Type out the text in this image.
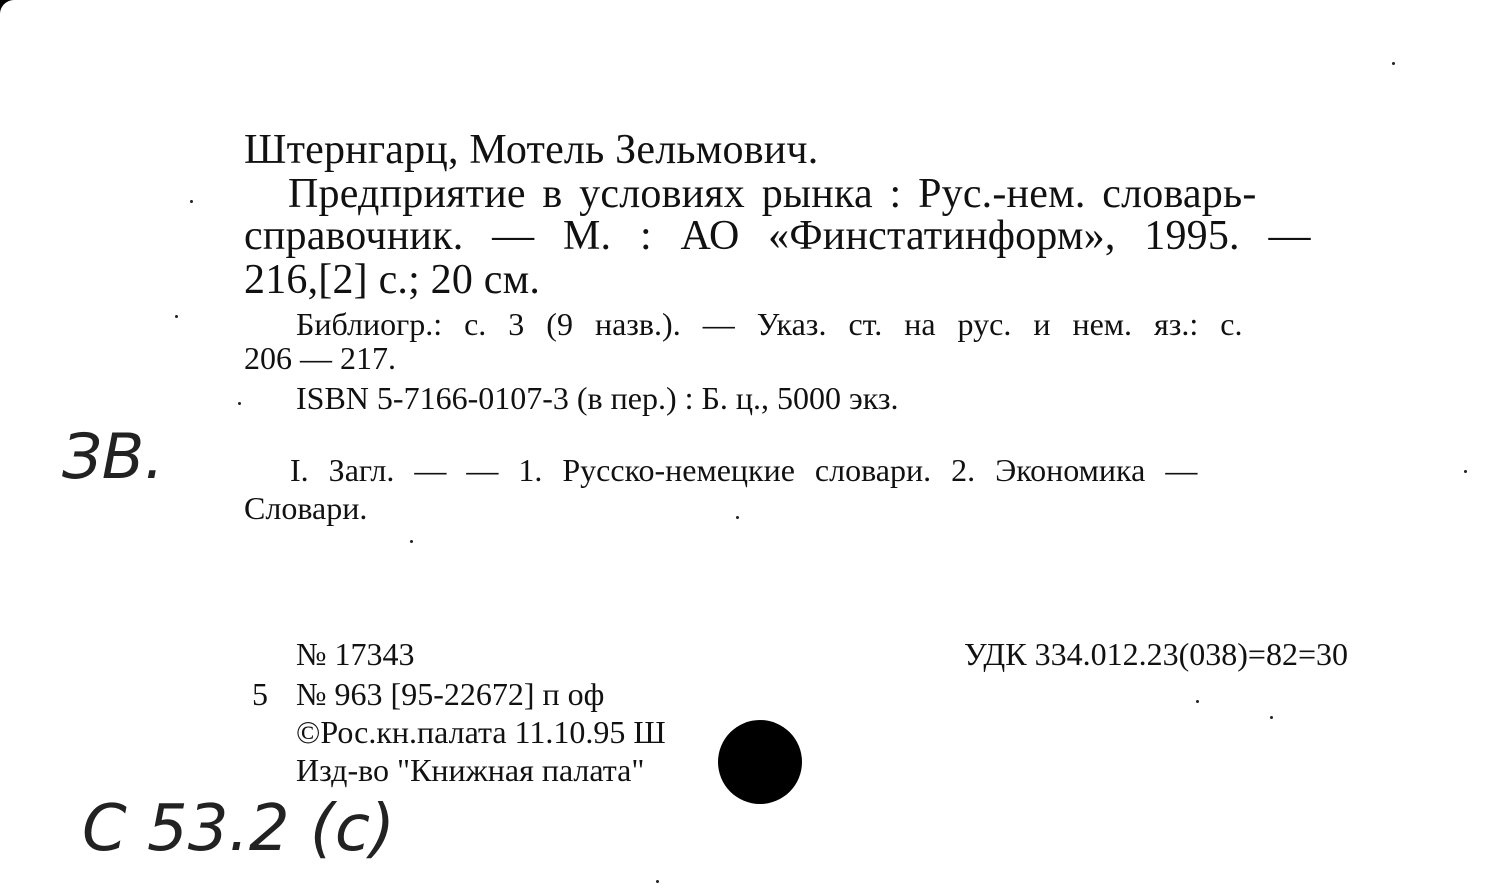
Штернгарц, Мотель Зельмович.

Предприятие в условиях рынка : Рус.-нем. словарь-

справочник. — М. : АО «Финстатинформ», 1995. —

216,[2] с.; 20 см.

Библиогр.: с. 3 (9 назв.). — Указ. ст. на рус. и нем. яз.: с.

206 — 217.

ISBN 5-7166-0107-3 (в пер.) : Б. ц., 5000 экз.

I. Загл. — — 1. Русско-немецкие словари. 2. Экономика —

Словари.

№ 17343	УДК 334.012.23(038)=82=30

5 № 963 [95-22672] п оф

©Рос.кн.палата 11.10.95 Ш

Изд-во "Книжная палата"

ЗВ.
С 53.2 (с)
